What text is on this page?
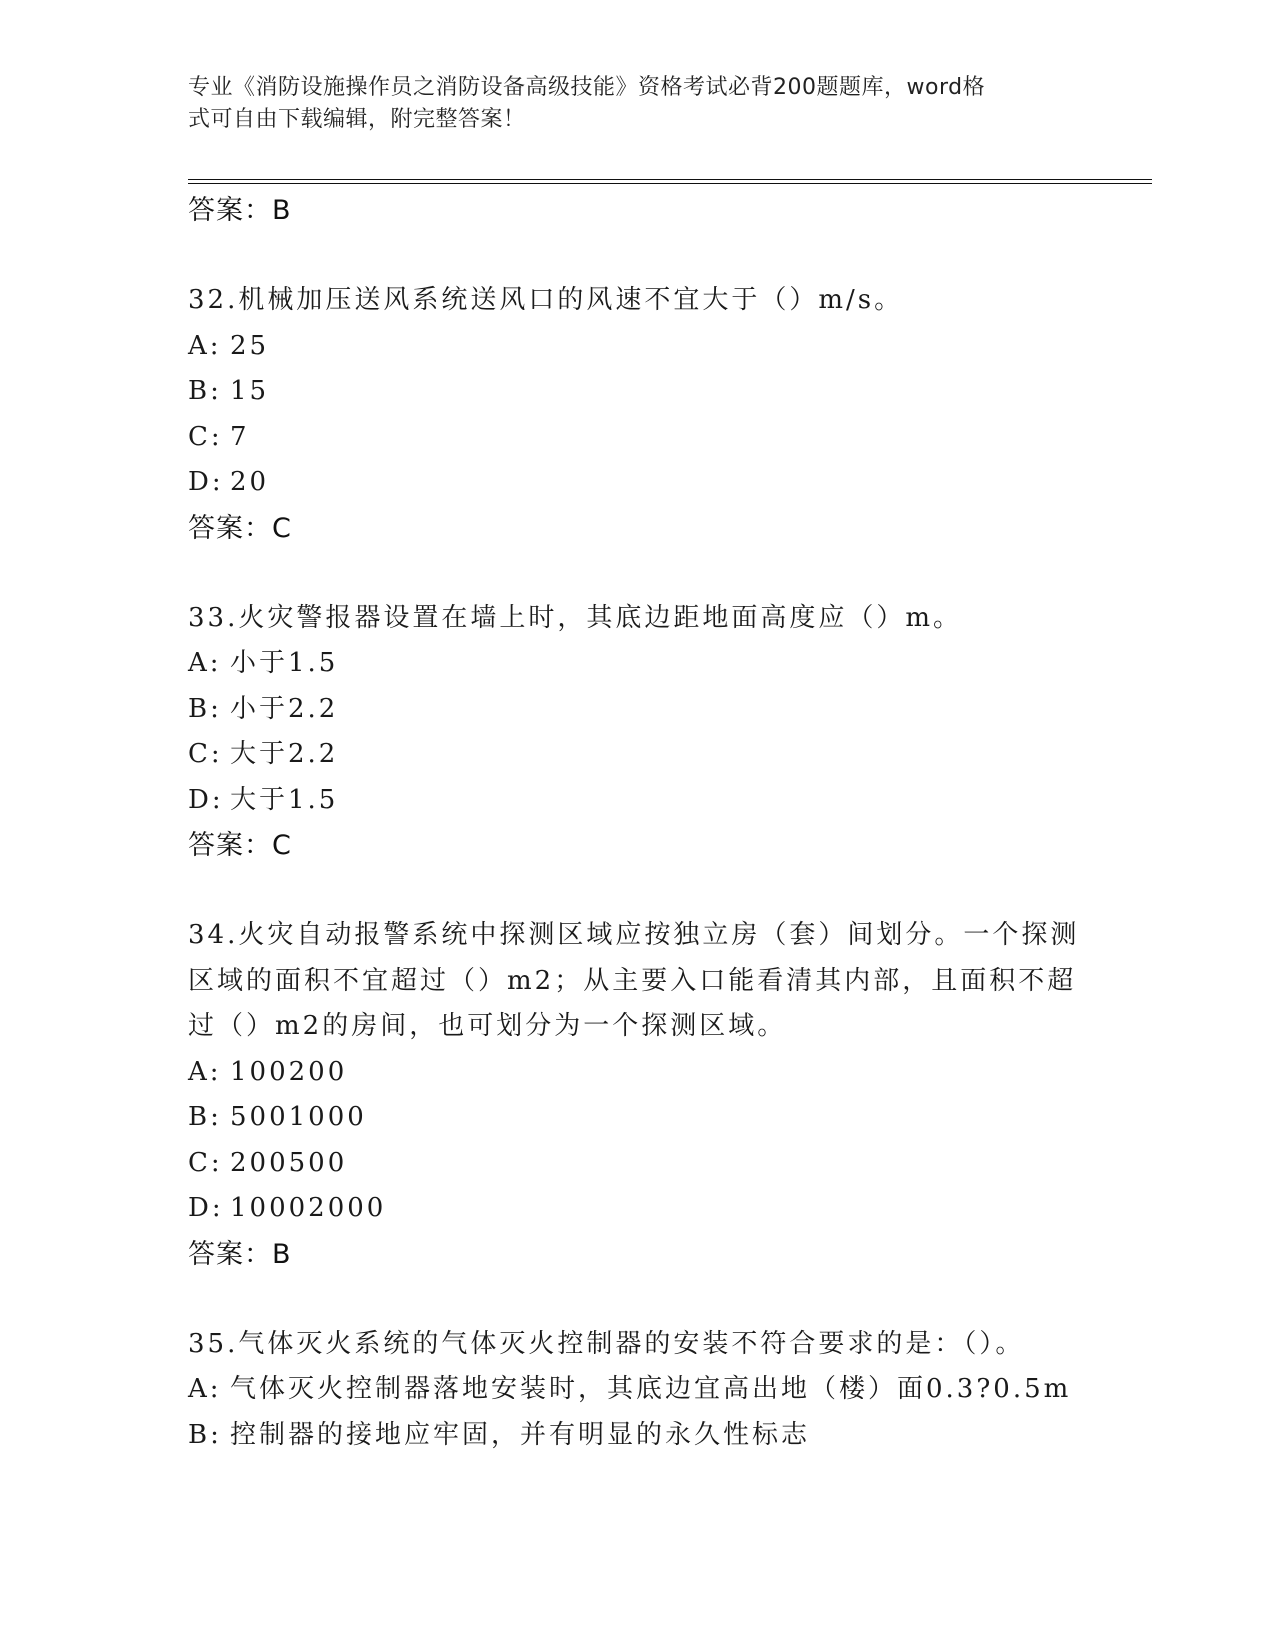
专业《消防设施操作员之消防设备高级技能》资格考试必背200题题库，word格
式可自由下载编辑，附完整答案！
答案：B
32.机械加压送风系统送风口的风速不宜大于（）m/s。
A: 25
B: 15
C: 7
D: 20
答案：C
33.火灾警报器设置在墙上时，其底边距地面高度应（）m。
A: 小于1.5
B: 小于2.2
C: 大于2.2
D: 大于1.5
答案：C
34.火灾自动报警系统中探测区域应按独立房（套）间划分。一个探测
区域的面积不宜超过（）m2；从主要入口能看清其内部，且面积不超
过（）m2的房间，也可划分为一个探测区域。
A: 100200
B: 5001000
C: 200500
D: 10002000
答案：B
35.气体灭火系统的气体灭火控制器的安装不符合要求的是：（）。
A: 气体灭火控制器落地安装时，其底边宜高出地（楼）面0.3?0.5m
B: 控制器的接地应牢固，并有明显的永久性标志
